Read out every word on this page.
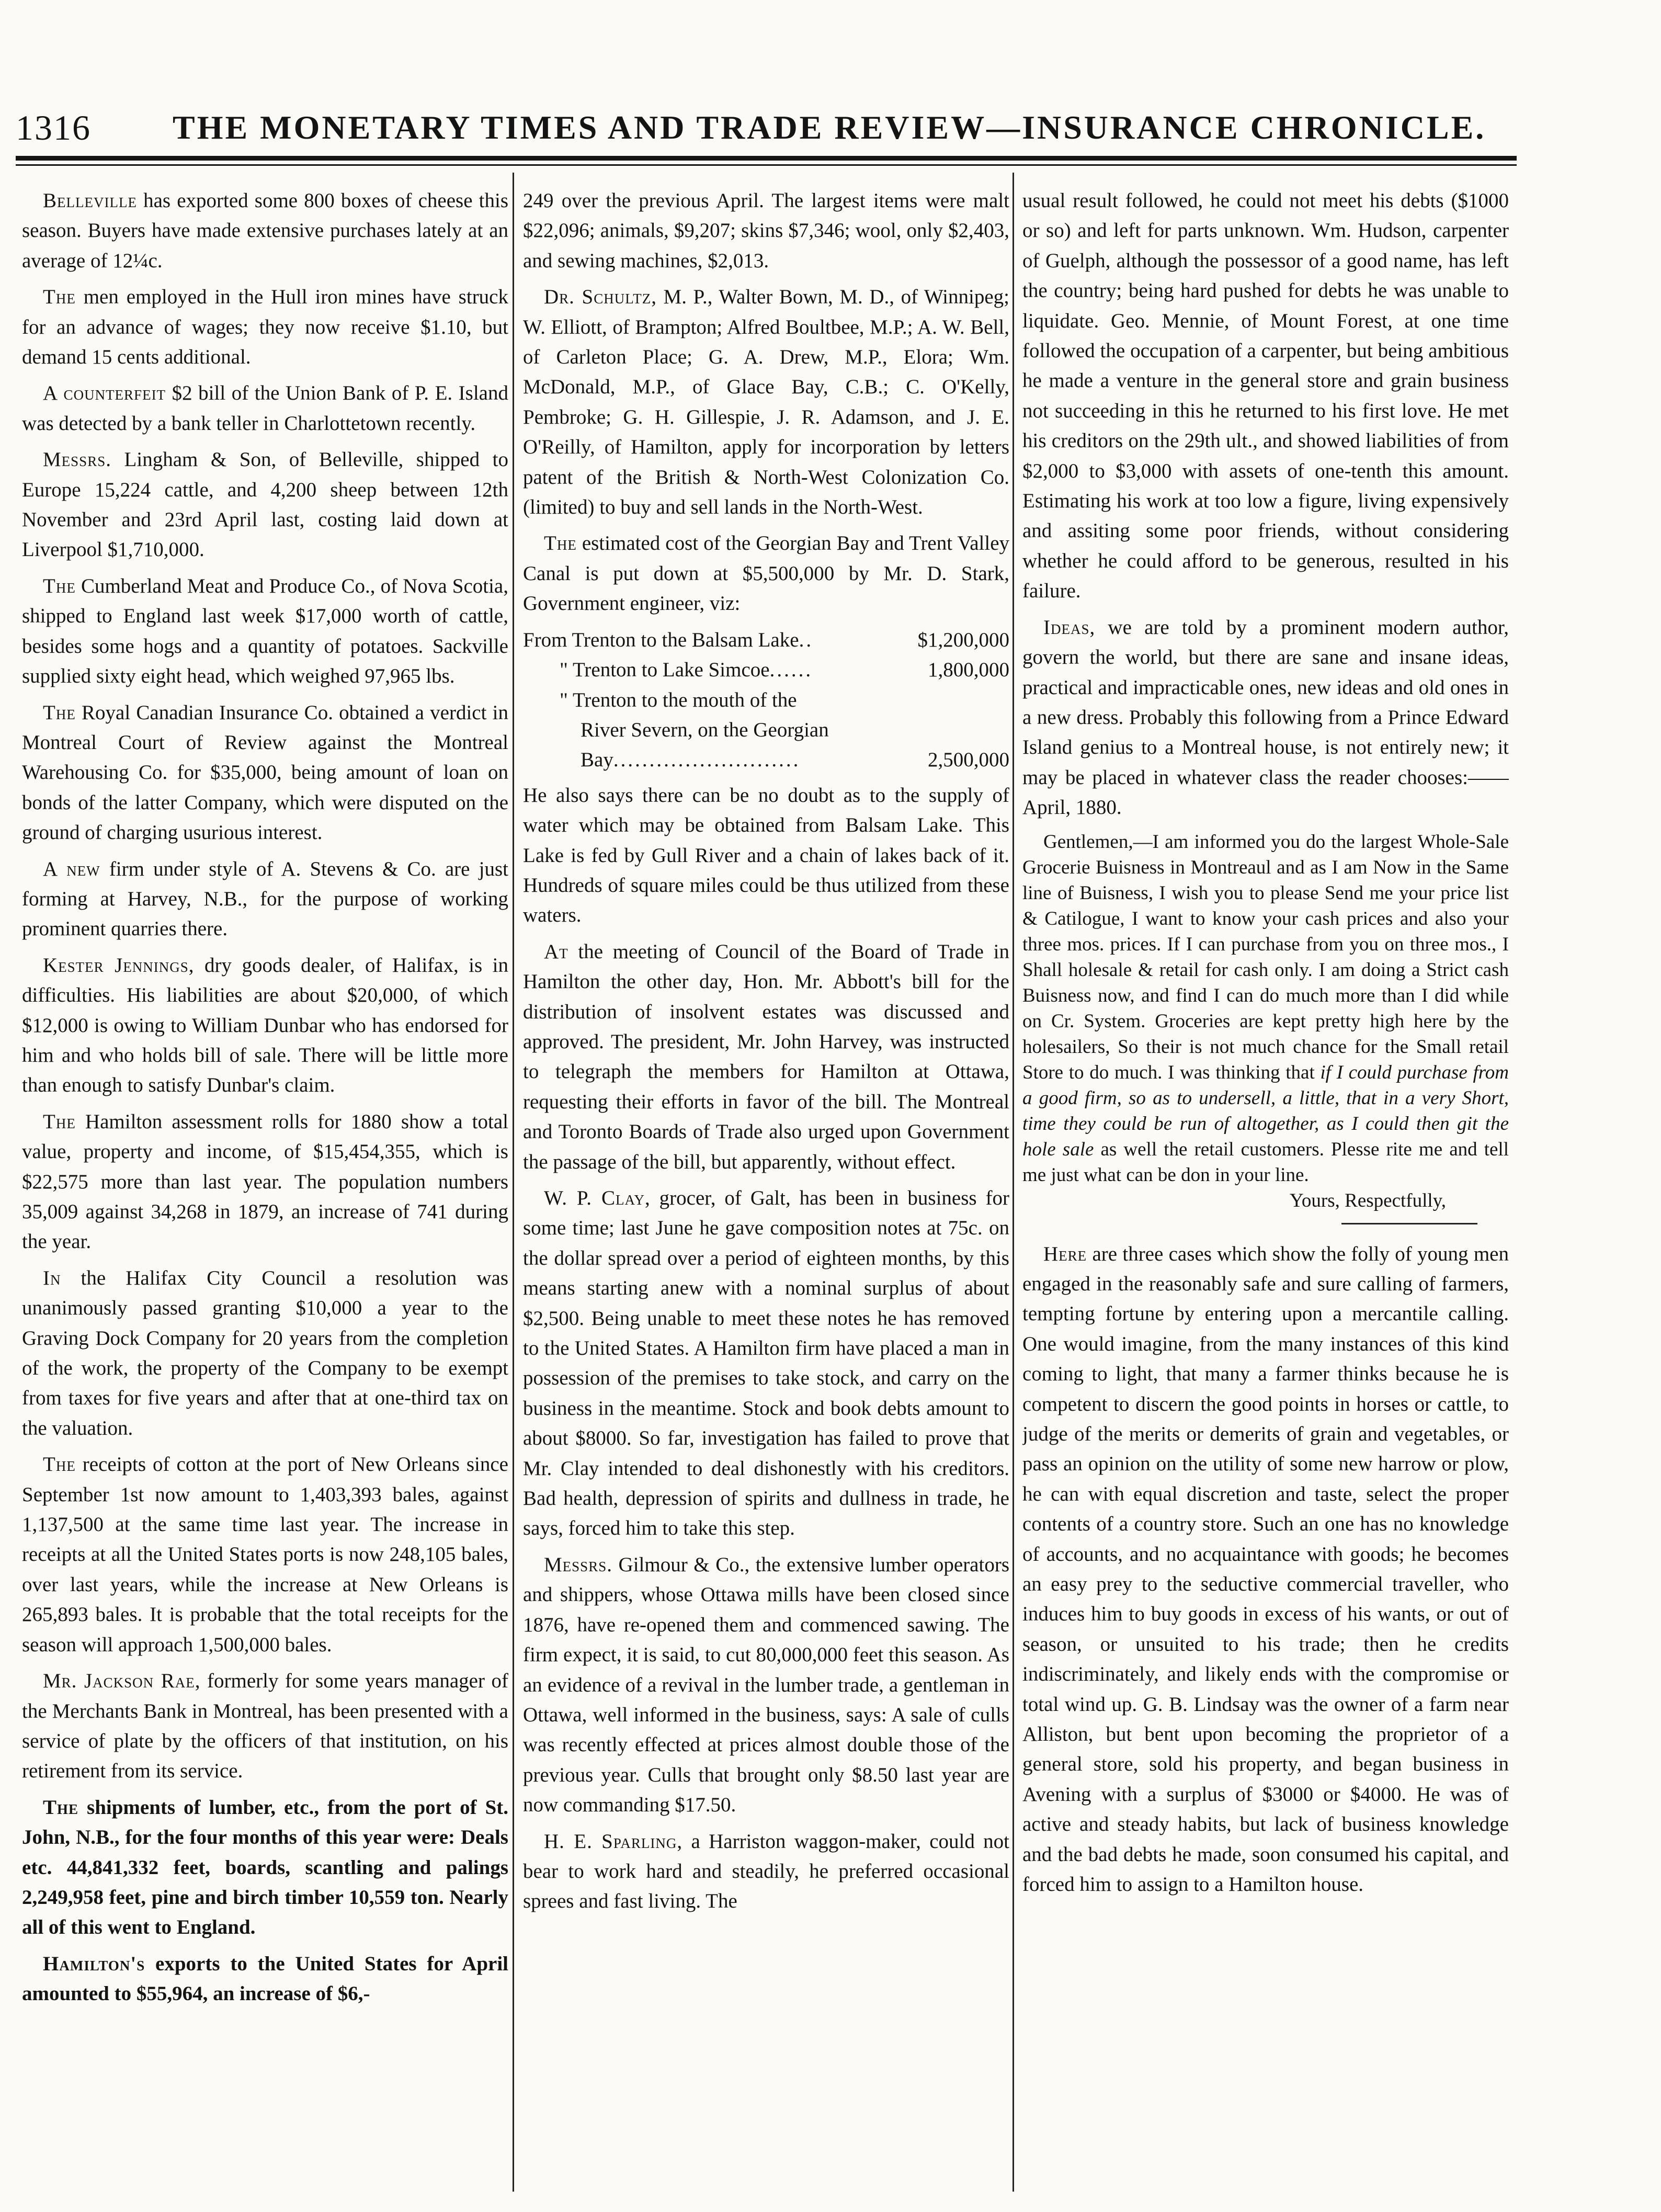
1316 THE MONETARY TIMES AND TRADE REVIEW—INSURANCE CHRONICLE.

Belleville has exported some 800 boxes of cheese this season. Buyers have made extensive purchases lately at an average of 12¼c.

The men employed in the Hull iron mines have struck for an advance of wages; they now receive $1.10, but demand 15 cents additional.

A counterfeit $2 bill of the Union Bank of P. E. Island was detected by a bank teller in Charlottetown recently.

Messrs. Lingham & Son, of Belleville, shipped to Europe 15,224 cattle, and 4,200 sheep between 12th November and 23rd April last, costing laid down at Liverpool $1,710,000.

The Cumberland Meat and Produce Co., of Nova Scotia, shipped to England last week $17,000 worth of cattle, besides some hogs and a quantity of potatoes. Sackville supplied sixty eight head, which weighed 97,965 lbs.

The Royal Canadian Insurance Co. obtained a verdict in Montreal Court of Review against the Montreal Warehousing Co. for $35,000, being amount of loan on bonds of the latter Company, which were disputed on the ground of charging usurious interest.

A new firm under style of A. Stevens & Co. are just forming at Harvey, N.B., for the purpose of working prominent quarries there.

Kester Jennings, dry goods dealer, of Halifax, is in difficulties. His liabilities are about $20,000, of which $12,000 is owing to William Dunbar who has endorsed for him and who holds bill of sale. There will be little more than enough to satisfy Dunbar's claim.

The Hamilton assessment rolls for 1880 show a total value, property and income, of $15,454,355, which is $22,575 more than last year. The population numbers 35,009 against 34,268 in 1879, an increase of 741 during the year.

In the Halifax City Council a resolution was unanimously passed granting $10,000 a year to the Graving Dock Company for 20 years from the completion of the work, the property of the Company to be exempt from taxes for five years and after that at one-third tax on the valuation.

The receipts of cotton at the port of New Orleans since September 1st now amount to 1,403,393 bales, against 1,137,500 at the same time last year. The increase in receipts at all the United States ports is now 248,105 bales, over last years, while the increase at New Orleans is 265,893 bales. It is probable that the total receipts for the season will approach 1,500,000 bales.

Mr. Jackson Rae, formerly for some years manager of the Merchants Bank in Montreal, has been presented with a service of plate by the officers of that institution, on his retirement from its service.

The shipments of lumber, etc., from the port of St. John, N.B., for the four months of this year were: Deals etc. 44,841,332 feet, boards, scantling and palings 2,249,958 feet, pine and birch timber 10,559 ton. Nearly all of this went to England.

Hamilton's exports to the United States for April amounted to $55,964, an increase of $6,-

249 over the previous April. The largest items were malt $22,096; animals, $9,207; skins $7,346; wool, only $2,403, and sewing machines, $2,013.

Dr. Schultz, M. P., Walter Bown, M. D., of Winnipeg; W. Elliott, of Brampton; Alfred Boultbee, M.P.; A. W. Bell, of Carleton Place; G. A. Drew, M.P., Elora; Wm. McDonald, M.P., of Glace Bay, C.B.; C. O'Kelly, Pembroke; G. H. Gillespie, J. R. Adamson, and J. E. O'Reilly, of Hamilton, apply for incorporation by letters patent of the British & North-West Colonization Co. (limited) to buy and sell lands in the North-West.

The estimated cost of the Georgian Bay and Trent Valley Canal is put down at $5,500,000 by Mr. D. Stark, Government engineer, viz:

From Trenton to the Balsam Lake ..	$1,200,000
" Trenton to Lake Simcoe ......	1,800,000
" Trenton to the mouth of the
River Severn, on the Georgian
Bay ..........................	2,500,000

He also says there can be no doubt as to the supply of water which may be obtained from Balsam Lake. This Lake is fed by Gull River and a chain of lakes back of it. Hundreds of square miles could be thus utilized from these waters.

At the meeting of Council of the Board of Trade in Hamilton the other day, Hon. Mr. Abbott's bill for the distribution of insolvent estates was discussed and approved. The president, Mr. John Harvey, was instructed to telegraph the members for Hamilton at Ottawa, requesting their efforts in favor of the bill. The Montreal and Toronto Boards of Trade also urged upon Government the passage of the bill, but apparently, without effect.

W. P. Clay, grocer, of Galt, has been in business for some time; last June he gave composition notes at 75c. on the dollar spread over a period of eighteen months, by this means starting anew with a nominal surplus of about $2,500. Being unable to meet these notes he has removed to the United States. A Hamilton firm have placed a man in possession of the premises to take stock, and carry on the business in the meantime. Stock and book debts amount to about $8000. So far, investigation has failed to prove that Mr. Clay intended to deal dishonestly with his creditors. Bad health, depression of spirits and dullness in trade, he says, forced him to take this step.

Messrs. Gilmour & Co., the extensive lumber operators and shippers, whose Ottawa mills have been closed since 1876, have re-opened them and commenced sawing. The firm expect, it is said, to cut 80,000,000 feet this season. As an evidence of a revival in the lumber trade, a gentleman in Ottawa, well informed in the business, says: A sale of culls was recently effected at prices almost double those of the previous year. Culls that brought only $8.50 last year are now commanding $17.50.

H. E. Sparling, a Harriston waggon-maker, could not bear to work hard and steadily, he preferred occasional sprees and fast living. The

usual result followed, he could not meet his debts ($1000 or so) and left for parts unknown. Wm. Hudson, carpenter of Guelph, although the possessor of a good name, has left the country; being hard pushed for debts he was unable to liquidate. Geo. Mennie, of Mount Forest, at one time followed the occupation of a carpenter, but being ambitious he made a venture in the general store and grain business not succeeding in this he returned to his first love. He met his creditors on the 29th ult., and showed liabilities of from $2,000 to $3,000 with assets of one-tenth this amount. Estimating his work at too low a figure, living expensively and assiting some poor friends, without considering whether he could afford to be generous, resulted in his failure.

Ideas, we are told by a prominent modern author, govern the world, but there are sane and insane ideas, practical and impracticable ones, new ideas and old ones in a new dress. Probably this following from a Prince Edward Island genius to a Montreal house, is not entirely new; it may be placed in whatever class the reader chooses:—— April, 1880.

Gentlemen,—I am informed you do the largest Whole-Sale Grocerie Buisness in Montreaul and as I am Now in the Same line of Buisness, I wish you to please Send me your price list & Catilogue, I want to know your cash prices and also your three mos. prices. If I can purchase from you on three mos., I Shall holesale & retail for cash only. I am doing a Strict cash Buisness now, and find I can do much more than I did while on Cr. System. Groceries are kept pretty high here by the holesailers, So their is not much chance for the Small retail Store to do much. I was thinking that if I could purchase from a good firm, so as to undersell, a little, that in a very Short, time they could be run of altogether, as I could then git the hole sale as well the retail customers. Plesse rite me and tell me just what can be don in your line.

Yours, Respectfully,

Here are three cases which show the folly of young men engaged in the reasonably safe and sure calling of farmers, tempting fortune by entering upon a mercantile calling. One would imagine, from the many instances of this kind coming to light, that many a farmer thinks because he is competent to discern the good points in horses or cattle, to judge of the merits or demerits of grain and vegetables, or pass an opinion on the utility of some new harrow or plow, he can with equal discretion and taste, select the proper contents of a country store. Such an one has no knowledge of accounts, and no acquaintance with goods; he becomes an easy prey to the seductive commercial traveller, who induces him to buy goods in excess of his wants, or out of season, or unsuited to his trade; then he credits indiscriminately, and likely ends with the compromise or total wind up. G. B. Lindsay was the owner of a farm near Alliston, but bent upon becoming the proprietor of a general store, sold his property, and began business in Avening with a surplus of $3000 or $4000. He was of active and steady habits, but lack of business knowledge and the bad debts he made, soon consumed his capital, and forced him to assign to a Hamilton house.
